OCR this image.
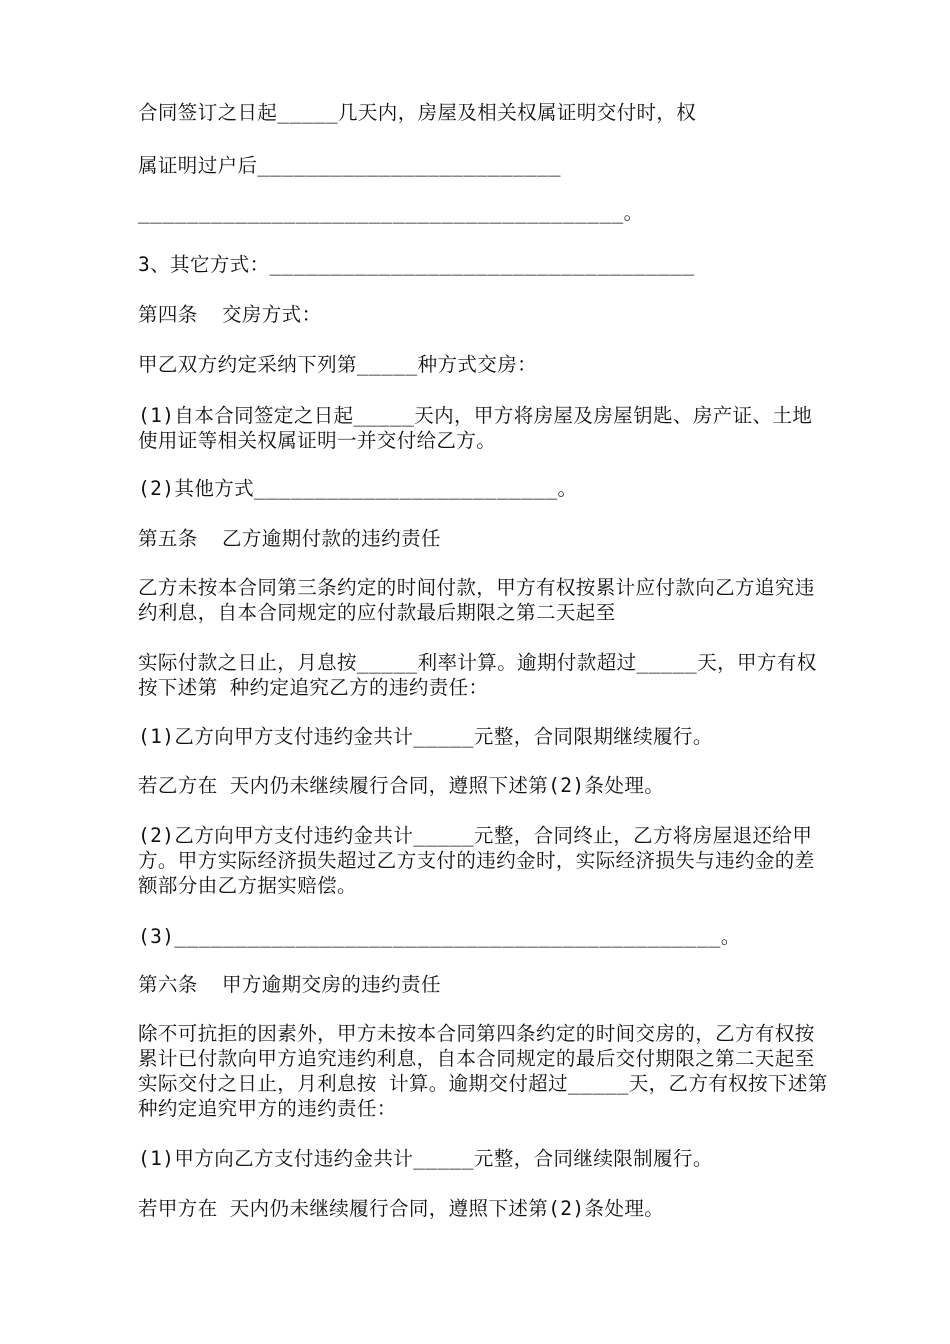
合同签订之日起_____几天内，房屋及相关权属证明交付时，权

属证明过户后_________________________

________________________________________。

3、其它方式：___________________________________

第四条  交房方式：

甲乙双方约定采纳下列第_____种方式交房：

(1)自本合同签定之日起_____天内，甲方将房屋及房屋钥匙、房产证、土地使用证等相关权属证明一并交付给乙方。

(2)其他方式_________________________。

第五条  乙方逾期付款的违约责任

乙方未按本合同第三条约定的时间付款，甲方有权按累计应付款向乙方追究违约利息，自本合同规定的应付款最后期限之第二天起至

实际付款之日止，月息按_____利率计算。逾期付款超过_____天，甲方有权按下述第 种约定追究乙方的违约责任：

(1)乙方向甲方支付违约金共计_____元整，合同限期继续履行。

若乙方在 天内仍未继续履行合同，遵照下述第(2)条处理。

(2)乙方向甲方支付违约金共计_____元整，合同终止，乙方将房屋退还给甲方。甲方实际经济损失超过乙方支付的违约金时，实际经济损失与违约金的差额部分由乙方据实赔偿。

(3)_____________________________________________。

第六条  甲方逾期交房的违约责任

除不可抗拒的因素外，甲方未按本合同第四条约定的时间交房的，乙方有权按累计已付款向甲方追究违约利息，自本合同规定的最后交付期限之第二天起至实际交付之日止，月利息按 计算。逾期交付超过_____天，乙方有权按下述第 种约定追究甲方的违约责任：

(1)甲方向乙方支付违约金共计_____元整，合同继续限制履行。

若甲方在 天内仍未继续履行合同，遵照下述第(2)条处理。
